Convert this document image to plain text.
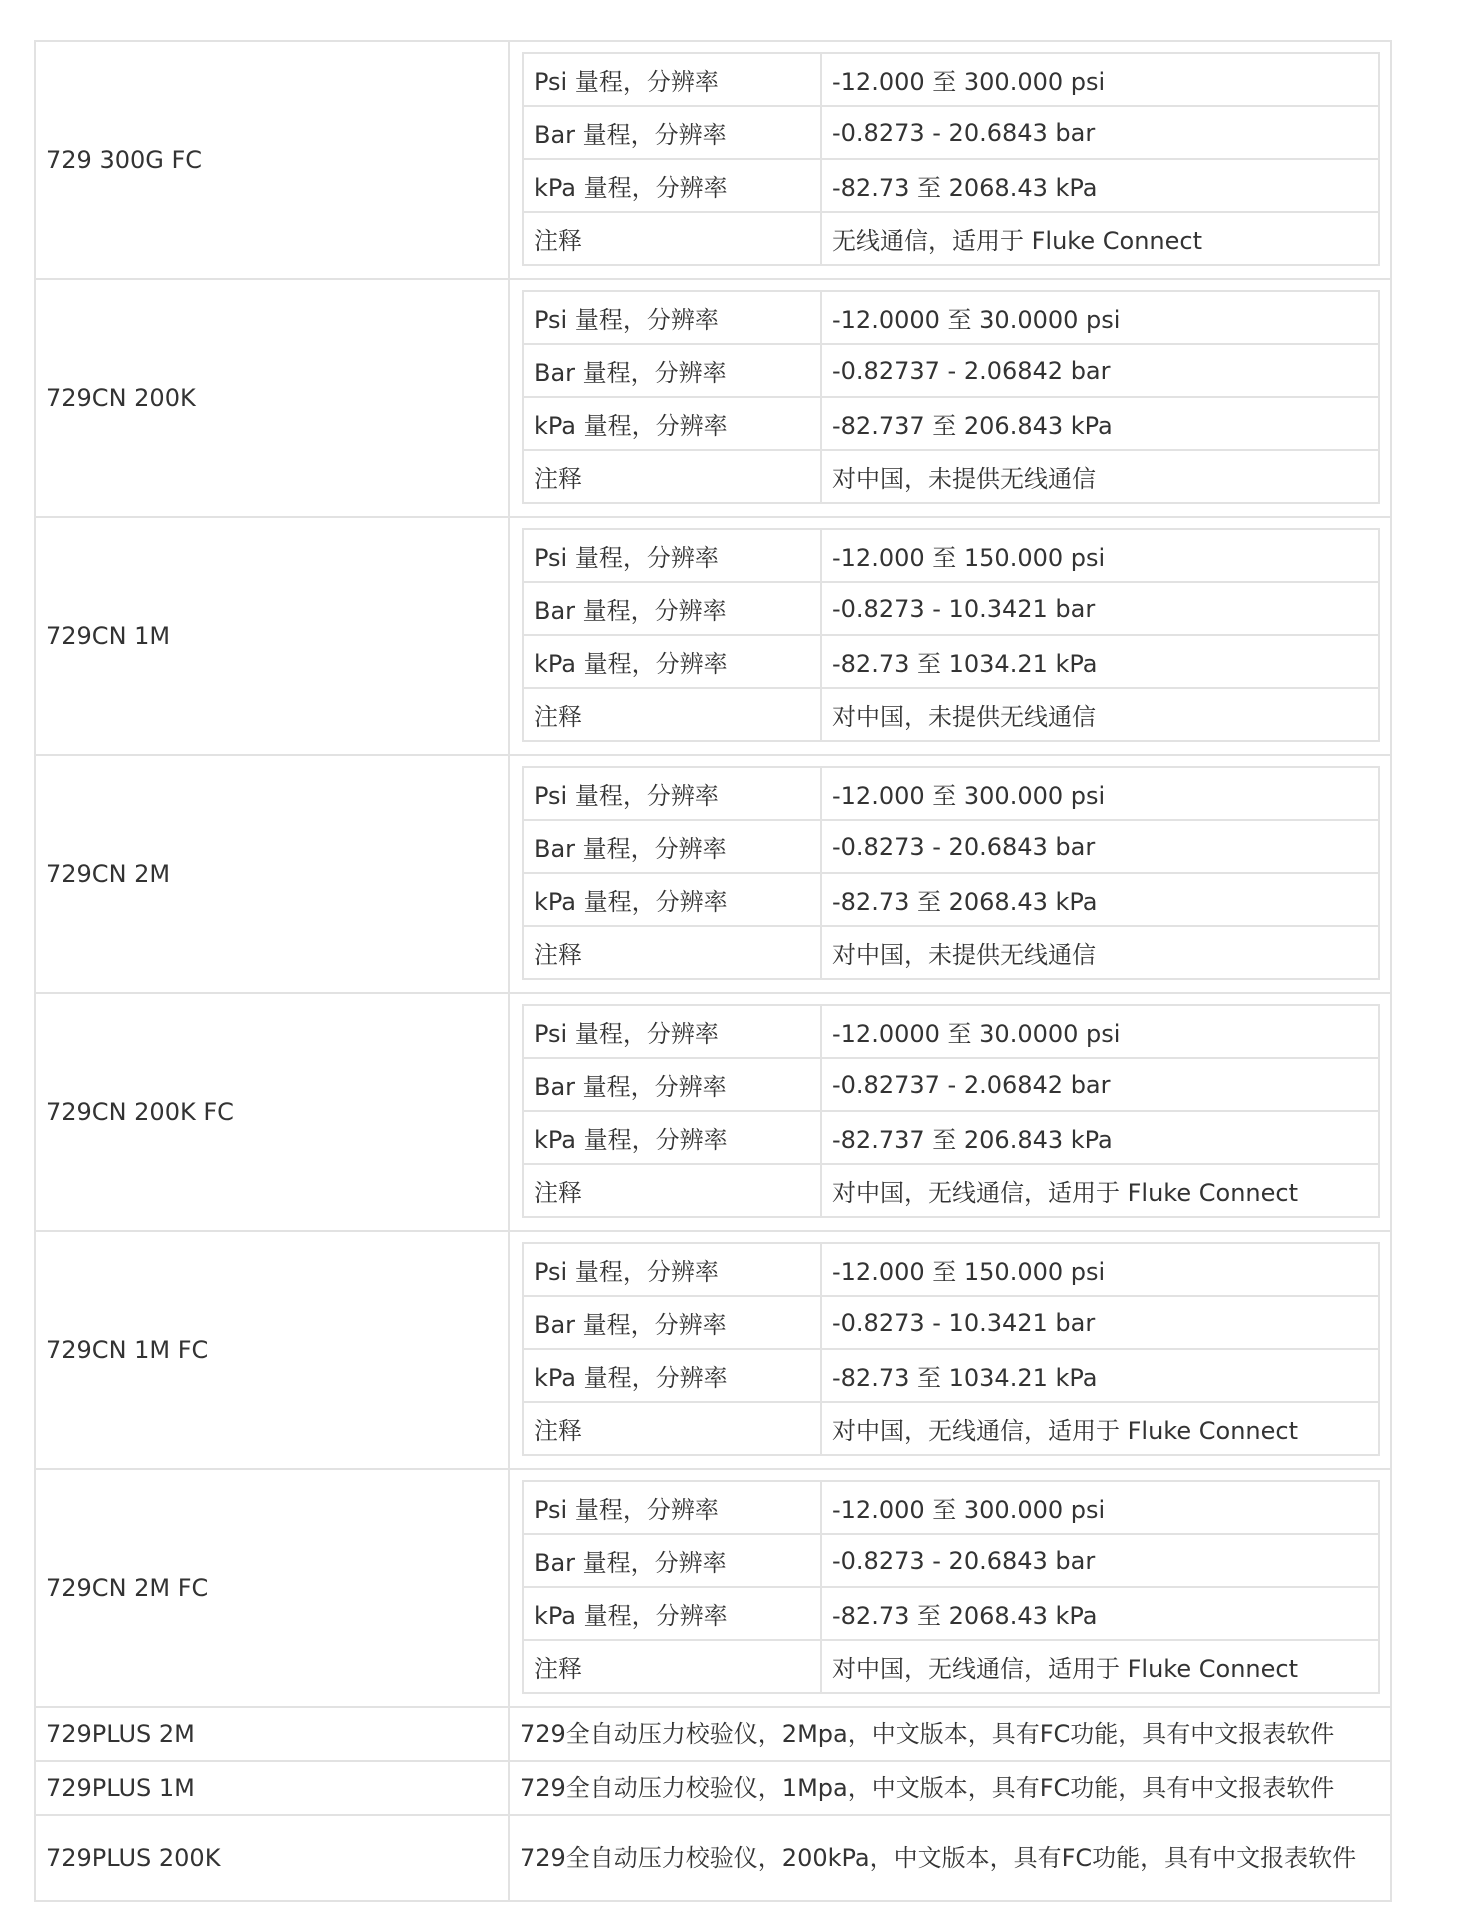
729 300G FC
Psi 量程，分辨率	-12.000 至 300.000 psi
Bar 量程，分辨率	-0.8273 - 20.6843 bar
kPa 量程，分辨率	-82.73 至 2068.43 kPa
注释	无线通信，适用于 Fluke Connect
729CN 200K
Psi 量程，分辨率	-12.0000 至 30.0000 psi
Bar 量程，分辨率	-0.82737 - 2.06842 bar
kPa 量程，分辨率	-82.737 至 206.843 kPa
注释	对中国，未提供无线通信
729CN 1M
Psi 量程，分辨率	-12.000 至 150.000 psi
Bar 量程，分辨率	-0.8273 - 10.3421 bar
kPa 量程，分辨率	-82.73 至 1034.21 kPa
注释	对中国，未提供无线通信
729CN 2M
Psi 量程，分辨率	-12.000 至 300.000 psi
Bar 量程，分辨率	-0.8273 - 20.6843 bar
kPa 量程，分辨率	-82.73 至 2068.43 kPa
注释	对中国，未提供无线通信
729CN 200K FC
Psi 量程，分辨率	-12.0000 至 30.0000 psi
Bar 量程，分辨率	-0.82737 - 2.06842 bar
kPa 量程，分辨率	-82.737 至 206.843 kPa
注释	对中国，无线通信，适用于 Fluke Connect
729CN 1M FC
Psi 量程，分辨率	-12.000 至 150.000 psi
Bar 量程，分辨率	-0.8273 - 10.3421 bar
kPa 量程，分辨率	-82.73 至 1034.21 kPa
注释	对中国，无线通信，适用于 Fluke Connect
729CN 2M FC
Psi 量程，分辨率	-12.000 至 300.000 psi
Bar 量程，分辨率	-0.8273 - 20.6843 bar
kPa 量程，分辨率	-82.73 至 2068.43 kPa
注释	对中国，无线通信，适用于 Fluke Connect
729PLUS 2M	729全自动压力校验仪，2Mpa，中文版本，具有FC功能，具有中文报表软件
729PLUS 1M	729全自动压力校验仪，1Mpa，中文版本，具有FC功能，具有中文报表软件
729PLUS 200K	729全自动压力校验仪，200kPa，中文版本，具有FC功能，具有中文报表软件
